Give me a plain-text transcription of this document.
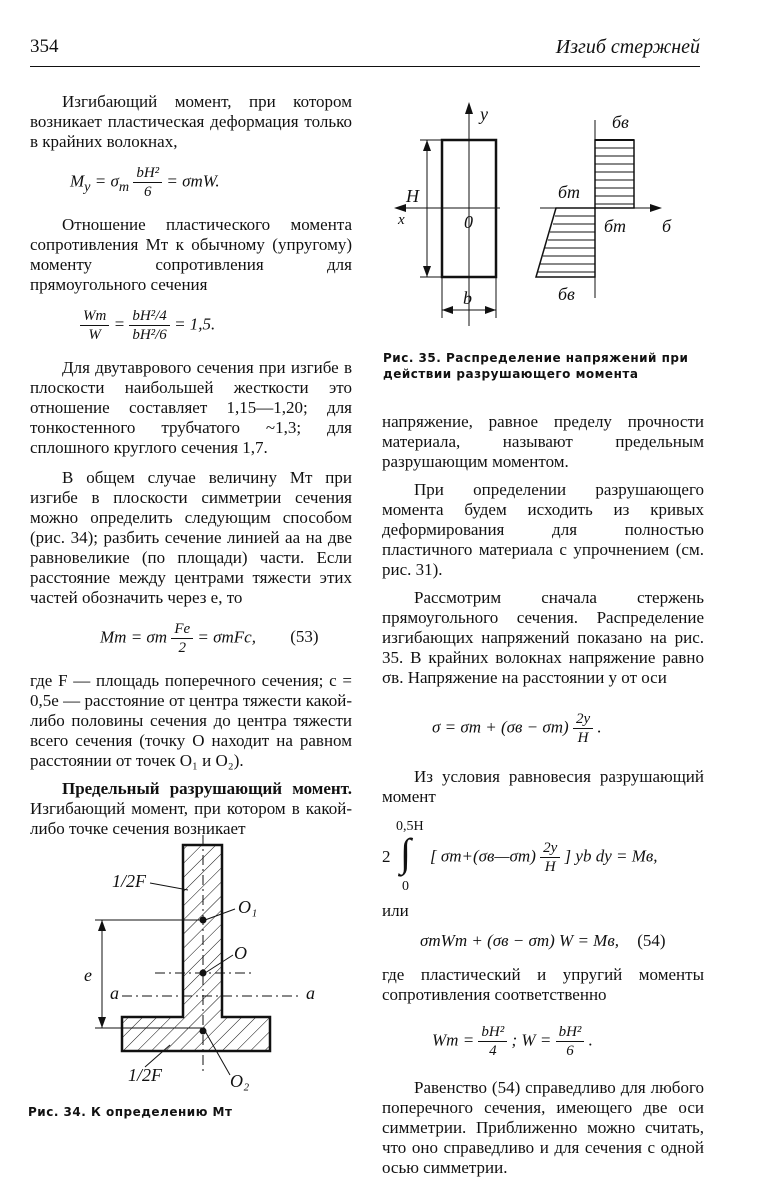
354	Изгиб стержней

Изгибающий момент, при котором возникает пластическая деформация только в крайних волокнах,

$M_y = \sigma_т \frac{\text{bH²}}{6} = \sigma тW$.

Отношение пластического момента сопротивления Mт к обычному (упругому) моменту сопротивления для прямоугольного сечения

$\frac{Wт}{W} = \frac{\text{bH²/4}}{\text{bH²/6}} = 1,5$.

Для двутаврового сечения при изгибе в плоскости наибольшей жесткости это отношение составляет 1,15—1,20; для тонкостенного трубчатого ~1,3; для сплошного круглого сечения 1,7.

В общем случае величину Mт при изгибе в плоскости симметрии сечения можно определить следующим способом (рис. 34); разбить сечение линией aa на две равновеликие (по площади) части. Если расстояние между центрами тяжести этих частей обозначить через e, то

Mт = σт $\frac{Fe}{2} = \sigma тFc$, (53)

где F — площадь поперечного сечения; c = 0,5e — расстояние от центра тяжести какой-либо половины сечения до центра тяжести всего сечения (точку O находит на равном расстоянии от точек O₁ и O₂).

Предельный разрушающий момент. Изгибающий момент, при котором в какой-либо точке сечения возникает

1/2F
O₁
O
e
a	a
1/2F	O₂
Рис. 34. К определению Mт
y
x
H
0
b
бв
бт
бт б
бв
Рис. 35. Распределение напряжений при действии разрушающего момента

напряжение, равное пределу прочности материала, называют предельным разрушающим моментом.

При определении разрушающего момента будем исходить из кривых деформирования для полностью пластичного материала с упрочнением (см. рис. 31).

Рассмотрим сначала стержень прямоугольного сечения. Распределение изгибающих напряжений показано на рис. 35. В крайних волокнах напряжение равно σв. Напряжение на расстоянии y от оси

$\sigma = \sigma т + (\sigma в - \sigma т) \frac{2y}{H}$ .

Из условия равновесия разрушающий момент

0,5H
2 ∫
0
[ σт+(σв—σт) $\frac{2y}{H}$ ] yb dy = Mв,

или

σтWт + (σв − σт) W = Mв, (54)

где пластический и упругий моменты сопротивления соответственно

Wт = $\frac{\text{bH²}}{4}$ ; $W = \frac{\text{bH²}}{6}$ .

Равенство (54) справедливо для любого поперечного сечения, имеющего две оси симметрии. Приближенно можно считать, что оно справедливо и для сечения с одной осью симметрии.
